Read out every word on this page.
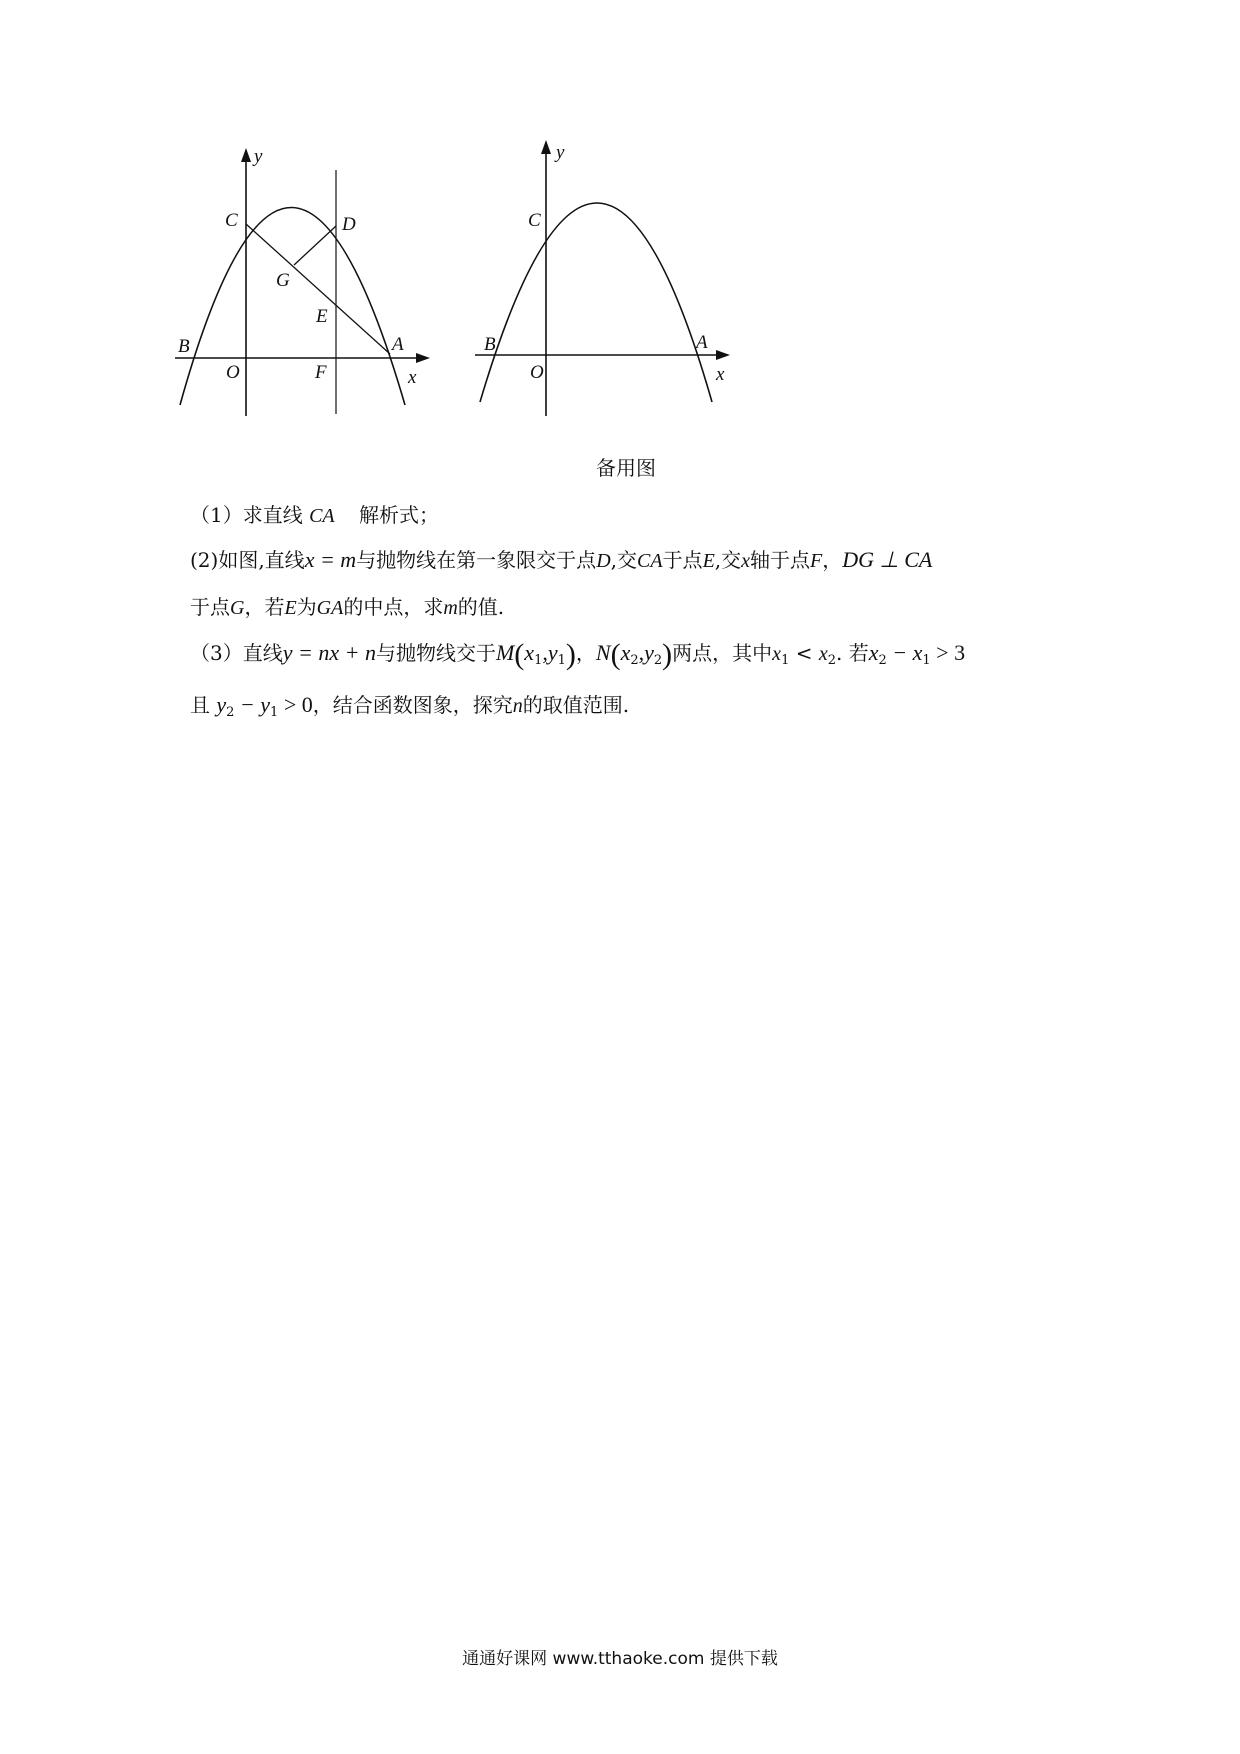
y
x
O
A
B
C	D
E
F
G
y
x
O
A
B
C
备用图
（1）求直线 CA 解析式；
(2)如图,直线x = m与抛物线在第一象限交于点D,交CA于点E,交x轴于点F，DG ⊥ CA
于点G，若E为GA的中点，求m的值.
（3）直线y = nx + n与抛物线交于$M(x_1,y_1)$，$N(x_2,y_2)$两点，其中$x_1 < x_2$. 若$x_2 - x_1 > 3$
且 $y_2 - y_1 > 0$，结合函数图象，探究n的取值范围.
通通好课网 www.tthaoke.com 提供下载
